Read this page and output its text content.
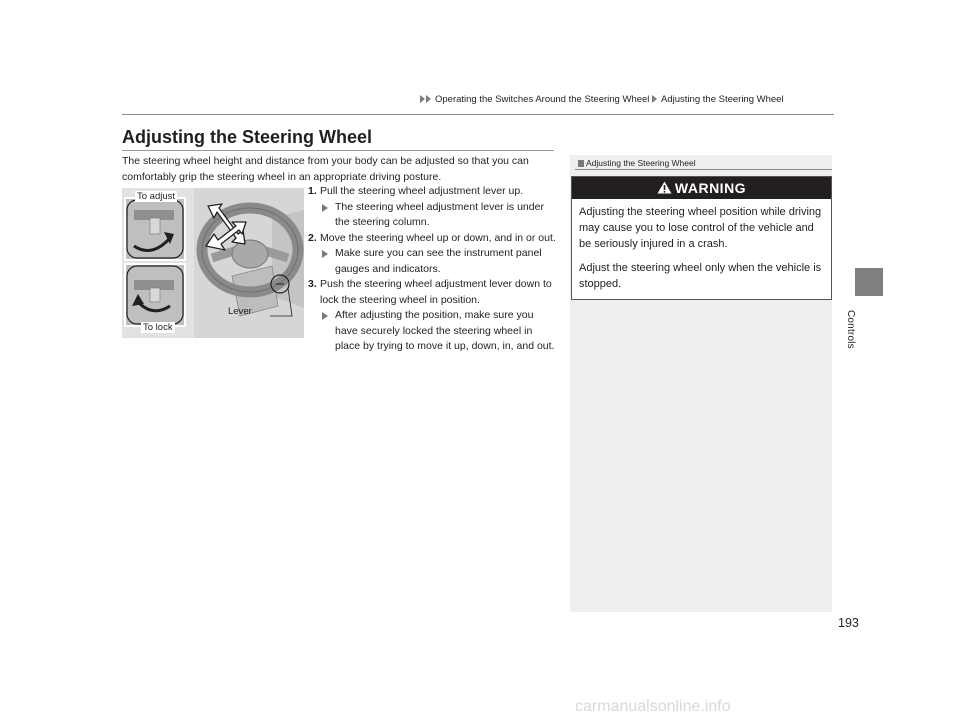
Operating the Switches Around the Steering Wheel Adjusting the Steering Wheel
Controls
Adjusting the Steering Wheel
The steering wheel height and distance from your body can be adjusted so that you can comfortably grip the steering wheel in an appropriate driving posture.
To adjust
To lock
Lever
1. Pull the steering wheel adjustment lever up.
The steering wheel adjustment lever is under the steering column.
2. Move the steering wheel up or down, and in or out.
Make sure you can see the instrument panel gauges and indicators.
3. Push the steering wheel adjustment lever down to lock the steering wheel in position.
After adjusting the position, make sure you have securely locked the steering wheel in place by trying to move it up, down, in, and out.
Adjusting the Steering Wheel
WARNING

Adjusting the steering wheel position while driving may cause you to lose control of the vehicle and be seriously injured in a crash.

Adjust the steering wheel only when the vehicle is stopped.

193
carmanualsonline.info
